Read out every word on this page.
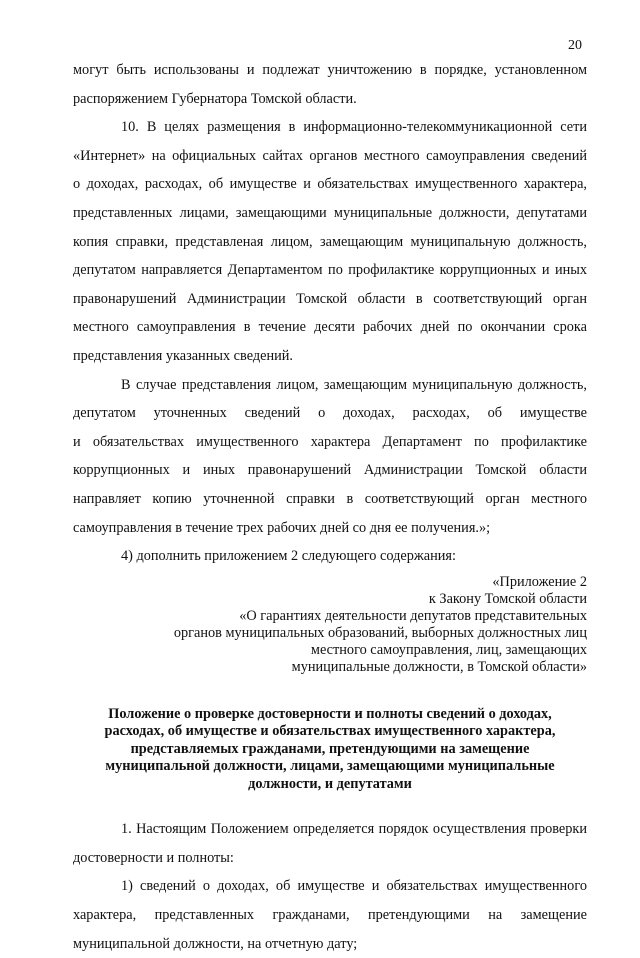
20

могут быть использованы и подлежат уничтожению в порядке, установленном

распоряжением Губернатора Томской области.

10. В целях размещения в информационно-телекоммуникационной сети

«Интернет» на официальных сайтах органов местного самоуправления сведений

о доходах, расходах, об имуществе и обязательствах имущественного характера,

представленных лицами, замещающими муниципальные должности, депутатами

копия справки, представленая лицом, замещающим муниципальную должность,

депутатом направляется Департаментом по профилактике коррупционных и иных

правонарушений Администрации Томской области в соответствующий орган

местного самоуправления в течение десяти рабочих дней по окончании срока

представления указанных сведений.

В случае представления лицом, замещающим муниципальную должность,

депутатом уточненных сведений о доходах, расходах, об имуществе

и обязательствах имущественного характера Департамент по профилактике

коррупционных и иных правонарушений Администрации Томской области

направляет копию уточненной справки в соответствующий орган местного

самоуправления в течение трех рабочих дней со дня ее получения.»;

4) дополнить приложением 2 следующего содержания:

«Приложение 2
к Закону Томской области
«О гарантиях деятельности депутатов представительных
органов муниципальных образований, выборных должностных лиц
местного самоуправления, лиц, замещающих
муниципальные должности, в Томской области»
Положение о проверке достоверности и полноты сведений о доходах,
расходах, об имуществе и обязательствах имущественного характера,
представляемых гражданами, претендующими на замещение
муниципальной должности, лицами, замещающими муниципальные
должности, и депутатами

1. Настоящим Положением определяется порядок осуществления проверки

достоверности и полноты:

1) сведений о доходах, об имуществе и обязательствах имущественного

характера, представленных гражданами, претендующими на замещение

муниципальной должности, на отчетную дату;
